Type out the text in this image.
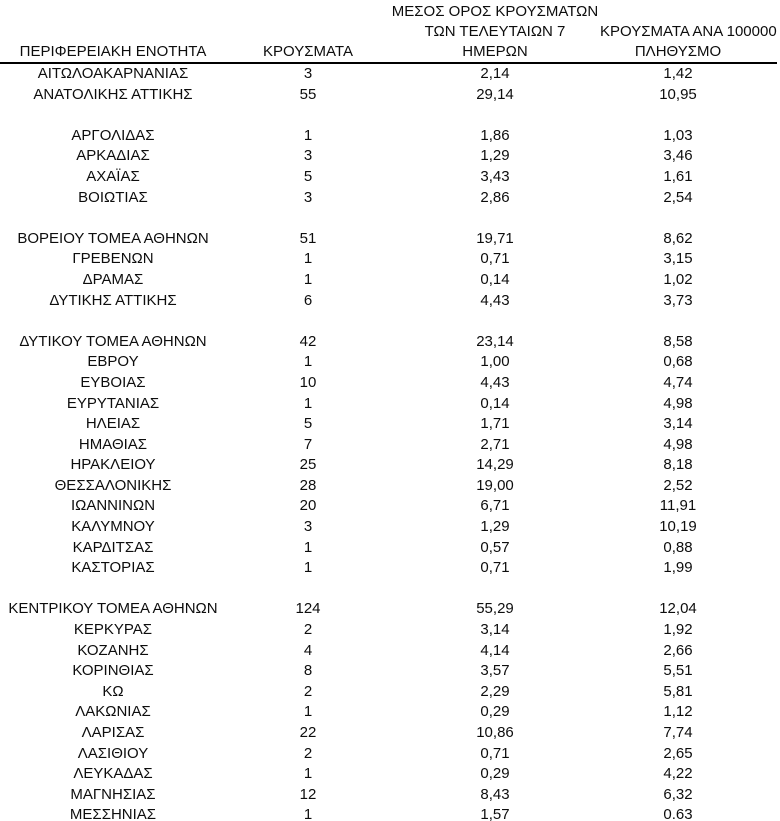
ΠΕΡΙΦΕΡΕΙΑΚΗ ΕΝΟΤΗΤΑ	ΚΡΟΥΣΜΑΤΑ
ΜΕΣΟΣ ΟΡΟΣ ΚΡΟΥΣΜΑΤΩΝ
ΤΩΝ ΤΕΛΕΥΤΑΙΩΝ 7
ΗΜΕΡΩΝ
ΚΡΟΥΣΜΑΤΑ ΑΝΑ 100000
ΠΛΗΘΥΣΜΟ
ΑΙΤΩΛΟΑΚΑΡΝΑΝΙΑΣ	3	2,14	1,42
ΑΝΑΤΟΛΙΚΗΣ ΑΤΤΙΚΗΣ	55	29,14	10,95
ΑΡΓΟΛΙΔΑΣ	1	1,86	1,03
ΑΡΚΑΔΙΑΣ	3	1,29	3,46
ΑΧΑΪΑΣ	5	3,43	1,61
ΒΟΙΩΤΙΑΣ	3	2,86	2,54
ΒΟΡΕΙΟΥ ΤΟΜΕΑ ΑΘΗΝΩΝ	51	19,71	8,62
ΓΡΕΒΕΝΩΝ	1	0,71	3,15
ΔΡΑΜΑΣ	1	0,14	1,02
ΔΥΤΙΚΗΣ ΑΤΤΙΚΗΣ	6	4,43	3,73
ΔΥΤΙΚΟΥ ΤΟΜΕΑ ΑΘΗΝΩΝ	42	23,14	8,58
ΕΒΡΟΥ	1	1,00	0,68
ΕΥΒΟΙΑΣ	10	4,43	4,74
ΕΥΡΥΤΑΝΙΑΣ	1	0,14	4,98
ΗΛΕΙΑΣ	5	1,71	3,14
ΗΜΑΘΙΑΣ	7	2,71	4,98
ΗΡΑΚΛΕΙΟΥ	25	14,29	8,18
ΘΕΣΣΑΛΟΝΙΚΗΣ	28	19,00	2,52
ΙΩΑΝΝΙΝΩΝ	20	6,71	11,91
ΚΑΛΥΜΝΟΥ	3	1,29	10,19
ΚΑΡΔΙΤΣΑΣ	1	0,57	0,88
ΚΑΣΤΟΡΙΑΣ	1	0,71	1,99
ΚΕΝΤΡΙΚΟΥ ΤΟΜΕΑ ΑΘΗΝΩΝ	124	55,29	12,04
ΚΕΡΚΥΡΑΣ	2	3,14	1,92
ΚΟΖΑΝΗΣ	4	4,14	2,66
ΚΟΡΙΝΘΙΑΣ	8	3,57	5,51
ΚΩ	2	2,29	5,81
ΛΑΚΩΝΙΑΣ	1	0,29	1,12
ΛΑΡΙΣΑΣ	22	10,86	7,74
ΛΑΣΙΘΙΟΥ	2	0,71	2,65
ΛΕΥΚΑΔΑΣ	1	0,29	4,22
ΜΑΓΝΗΣΙΑΣ	12	8,43	6,32
ΜΕΣΣΗΝΙΑΣ	1	1,57	0.63
